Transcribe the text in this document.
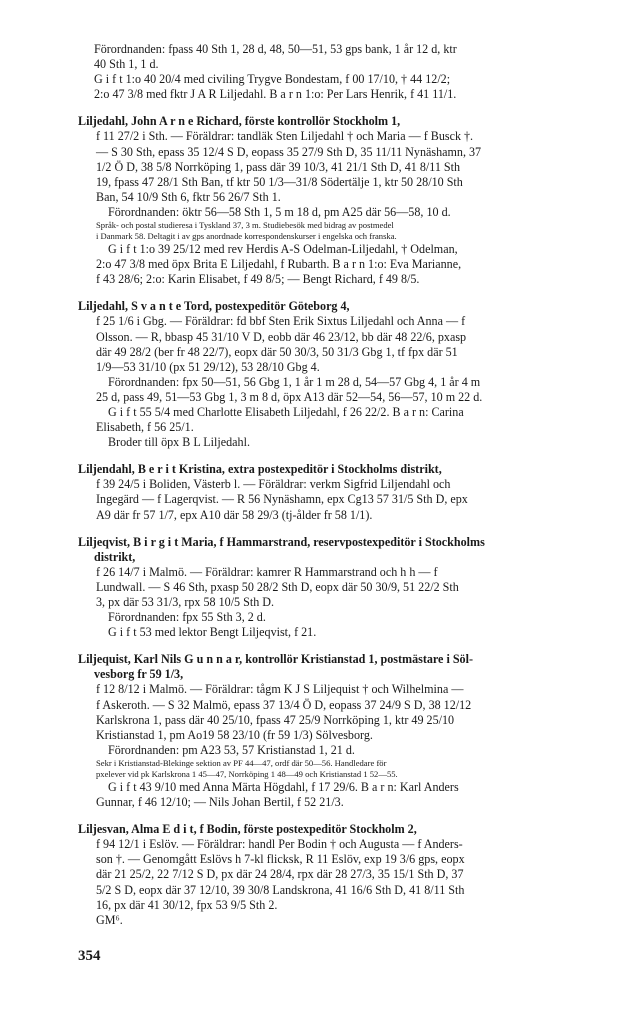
Förordnanden: fpass 40 Sth 1, 28 d, 48, 50—51, 53 gps bank, 1 år 12 d, ktr
40 Sth 1, 1 d.
G i f t 1:o 40 20/4 med civiling Trygve Bondestam, f 00 17/10, † 44 12/2;
2:o 47 3/8 med fktr J A R Liljedahl. B a r n 1:o: Per Lars Henrik, f 41 11/1.
Liljedahl, John A r n e Richard, förste kontrollör Stockholm 1,
f 11 27/2 i Sth. — Föräldrar: tandläk Sten Liljedahl † och Maria — f Busck †.
— S 30 Sth, epass 35 12/4 S D, eopass 35 27/9 Sth D, 35 11/11 Nynäshamn, 37
1/2 Ö D, 38 5/8 Norrköping 1, pass där 39 10/3, 41 21/1 Sth D, 41 8/11 Sth
19, fpass 47 28/1 Sth Ban, tf ktr 50 1/3—31/8 Södertälje 1, ktr 50 28/10 Sth
Ban, 54 10/9 Sth 6, fktr 56 26/7 Sth 1.
Förordnanden: öktr 56—58 Sth 1, 5 m 18 d, pm A25 där 56—58, 10 d.
Språk- och postal studieresa i Tyskland 37, 3 m. Studiebesök med bidrag av postmedel
i Danmark 58. Deltagit i av gps anordnade korrespondenskurser i engelska och franska.
G i f t 1:o 39 25/12 med rev Herdis A-S Odelman-Liljedahl, † Odelman,
2:o 47 3/8 med öpx Brita E Liljedahl, f Rubarth. B a r n 1:o: Eva Marianne,
f 43 28/6; 2:o: Karin Elisabet, f 49 8/5; — Bengt Richard, f 49 8/5.
Liljedahl, S v a n t e Tord, postexpeditör Göteborg 4,
f 25 1/6 i Gbg. — Föräldrar: fd bbf Sten Erik Sixtus Liljedahl och Anna — f
Olsson. — R, bbasp 45 31/10 V D, eobb där 46 23/12, bb där 48 22/6, pxasp
där 49 28/2 (ber fr 48 22/7), eopx där 50 30/3, 50 31/3 Gbg 1, tf fpx där 51
1/9—53 31/10 (px 51 29/12), 53 28/10 Gbg 4.
Förordnanden: fpx 50—51, 56 Gbg 1, 1 år 1 m 28 d, 54—57 Gbg 4, 1 år 4 m
25 d, pass 49, 51—53 Gbg 1, 3 m 8 d, öpx A13 där 52—54, 56—57, 10 m 22 d.
G i f t 55 5/4 med Charlotte Elisabeth Liljedahl, f 26 22/2. B a r n: Carina
Elisabeth, f 56 25/1.
Broder till öpx B L Liljedahl.
Liljendahl, B e r i t Kristina, extra postexpeditör i Stockholms distrikt,
f 39 24/5 i Boliden, Västerb l. — Föräldrar: verkm Sigfrid Liljendahl och
Ingegärd — f Lagerqvist. — R 56 Nynäshamn, epx Cg13 57 31/5 Sth D, epx
A9 där fr 57 1/7, epx A10 där 58 29/3 (tj-ålder fr 58 1/1).
Liljeqvist, B i r g i t Maria, f Hammarstrand, reservpostexpeditör i Stockholms
distrikt,
f 26 14/7 i Malmö. — Föräldrar: kamrer R Hammarstrand och h h — f
Lundwall. — S 46 Sth, pxasp 50 28/2 Sth D, eopx där 50 30/9, 51 22/2 Sth
3, px där 53 31/3, rpx 58 10/5 Sth D.
Förordnanden: fpx 55 Sth 3, 2 d.
G i f t 53 med lektor Bengt Liljeqvist, f 21.
Liljequist, Karl Nils G u n n a r, kontrollör Kristianstad 1, postmästare i Söl-
vesborg fr 59 1/3,
f 12 8/12 i Malmö. — Föräldrar: tågm K J S Liljequist † och Wilhelmina —
f Askeroth. — S 32 Malmö, epass 37 13/4 Ö D, eopass 37 24/9 S D, 38 12/12
Karlskrona 1, pass där 40 25/10, fpass 47 25/9 Norrköping 1, ktr 49 25/10
Kristianstad 1, pm Ao19 58 23/10 (fr 59 1/3) Sölvesborg.
Förordnanden: pm A23 53, 57 Kristianstad 1, 21 d.
Sekr i Kristianstad-Blekinge sektion av PF 44—47, ordf där 50—56. Handledare för
pxelever vid pk Karlskrona 1 45—47, Norrköping 1 48—49 och Kristianstad 1 52—55.
G i f t 43 9/10 med Anna Märta Högdahl, f 17 29/6. B a r n: Karl Anders
Gunnar, f 46 12/10; — Nils Johan Bertil, f 52 21/3.
Liljesvan, Alma E d i t, f Bodin, förste postexpeditör Stockholm 2,
f 94 12/1 i Eslöv. — Föräldrar: handl Per Bodin † och Augusta — f Anders-
son †. — Genomgått Eslövs h 7-kl flicksk, R 11 Eslöv, exp 19 3/6 gps, eopx
där 21 25/2, 22 7/12 S D, px där 24 28/4, rpx där 28 27/3, 35 15/1 Sth D, 37
5/2 S D, eopx där 37 12/10, 39 30/8 Landskrona, 41 16/6 Sth D, 41 8/11 Sth
16, px där 41 30/12, fpx 53 9/5 Sth 2.
GM⁶.
354
